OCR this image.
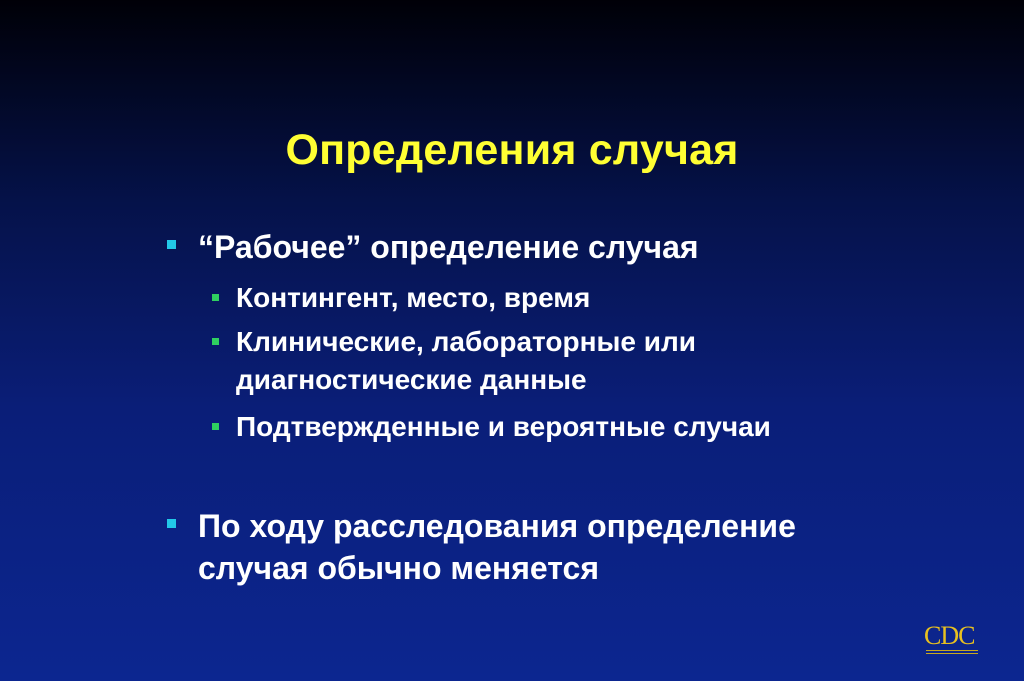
Определения случая
“Рабочее” определение случая
Контингент, место, время
Клинические, лабораторные или
диагностические данные
Подтвержденные и вероятные случаи
По ходу расследования определение
случая обычно меняется
CDC
